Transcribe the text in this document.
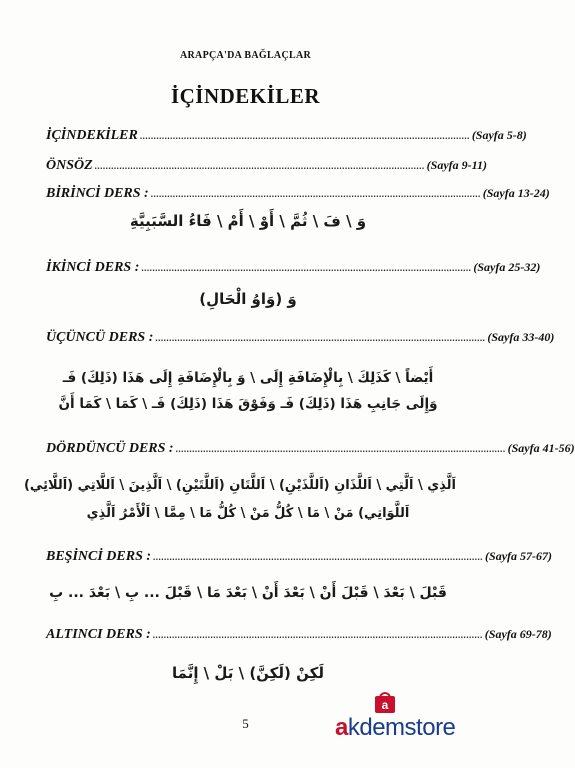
ARAPÇA'DA BAĞLAÇLAR
İÇİNDEKİLER
İÇİNDEKİLER ........................................................................................................................ (Sayfa 5-8)
ÖNSÖZ ........................................................................................................................ (Sayfa 9-11)
BİRİNCİ DERS : ........................................................................................................................ (Sayfa 13-24)
وَ \ فَ \ ثُمَّ \ أَوْ \ أَمْ \ فَاءُ السَّبَبِيَّةِ
İKİNCİ DERS : ........................................................................................................................ (Sayfa 25-32)
وَ (وَاوُ الْحَالِ)
ÜÇÜNCÜ DERS : ........................................................................................................................ (Sayfa 33-40)
أَيْضاً \ كَذَلِكَ \ بِالْإِضَافَةِ إِلَى \ وَ بِالْإِضَافَةِ إِلَى هَذَا (ذَلِكَ) فَـ
وَإِلَى جَانِبِ هَذَا (ذَلِكَ) فَـ وَفَوْقَ هَذَا (ذَلِكَ) فَـ \ كَمَا \ كَمَا أَنَّ
DÖRDÜNCÜ DERS : ........................................................................................................................ (Sayfa 41-56)
اَلَّذِي \ اَلَّتِي \ اَللَّذَانِ (اَللَّذَيْنِ) \ اَللَّتَانِ (اَللَّتَيْنِ) \ اَلَّذِينَ \ اَللَّاتِي (اَللَّائِي)
اَللَّوَاتِي) مَنْ \ مَا \ كُلُّ مَنْ \ كُلُّ مَا \ مِمَّا \ اَلْأَمْرُ اَلَّذِي
BEŞİNCİ DERS : ........................................................................................................................ (Sayfa 57-67)
قَبْلَ \ بَعْدَ \ قَبْلَ أَنْ \ بَعْدَ أَنْ \ بَعْدَ مَا \ قَبْلَ ... بِ \ بَعْدَ ... بِ
ALTINCI DERS : ........................................................................................................................ (Sayfa 69-78)
لَكِنْ (لَكِنَّ) \ بَلْ \ إِنَّمَا
5
a
akdemstore
